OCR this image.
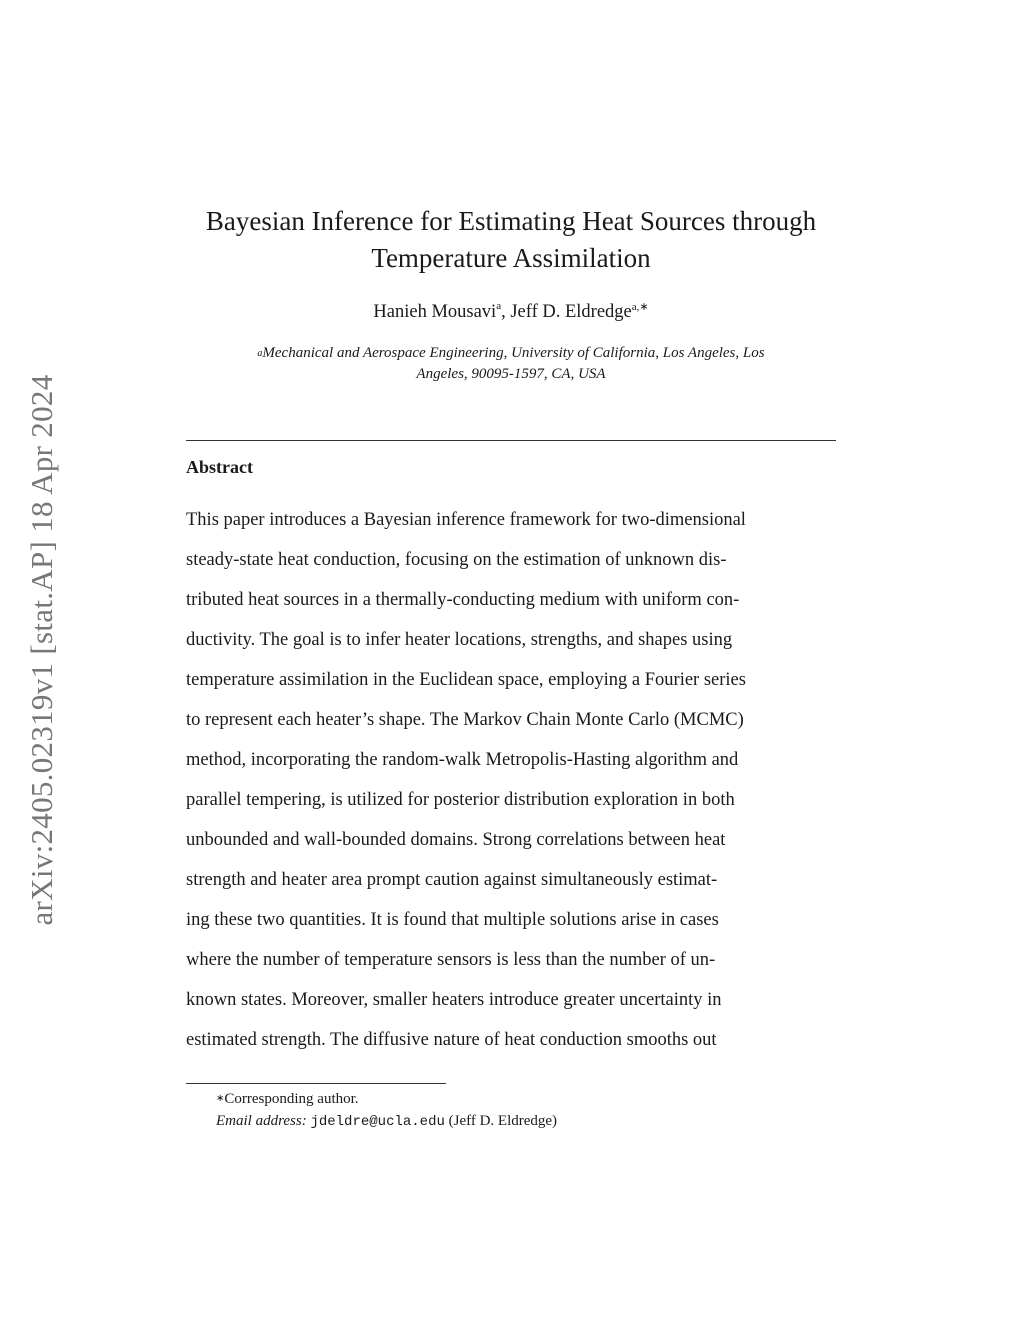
arXiv:2405.02319v1 [stat.AP] 18 Apr 2024
Bayesian Inference for Estimating Heat Sources through
Temperature Assimilation
Hanieh Mousavi$^a$, Jeff D. Eldredge$^{a,∗}$
$^a$Mechanical and Aerospace Engineering, University of California, Los Angeles, Los
Angeles, 90095-1597, CA, USA
Abstract
This paper introduces a Bayesian inference framework for two-dimensional
steady-state heat conduction, focusing on the estimation of unknown dis-
tributed heat sources in a thermally-conducting medium with uniform con-
ductivity. The goal is to infer heater locations, strengths, and shapes using
temperature assimilation in the Euclidean space, employing a Fourier series
to represent each heater’s shape. The Markov Chain Monte Carlo (MCMC)
method, incorporating the random-walk Metropolis-Hasting algorithm and
parallel tempering, is utilized for posterior distribution exploration in both
unbounded and wall-bounded domains. Strong correlations between heat
strength and heater area prompt caution against simultaneously estimat-
ing these two quantities. It is found that multiple solutions arise in cases
where the number of temperature sensors is less than the number of un-
known states. Moreover, smaller heaters introduce greater uncertainty in
estimated strength. The diffusive nature of heat conduction smooths out
∗Corresponding author.
Email address: jdeldre@ucla.edu (Jeff D. Eldredge)
